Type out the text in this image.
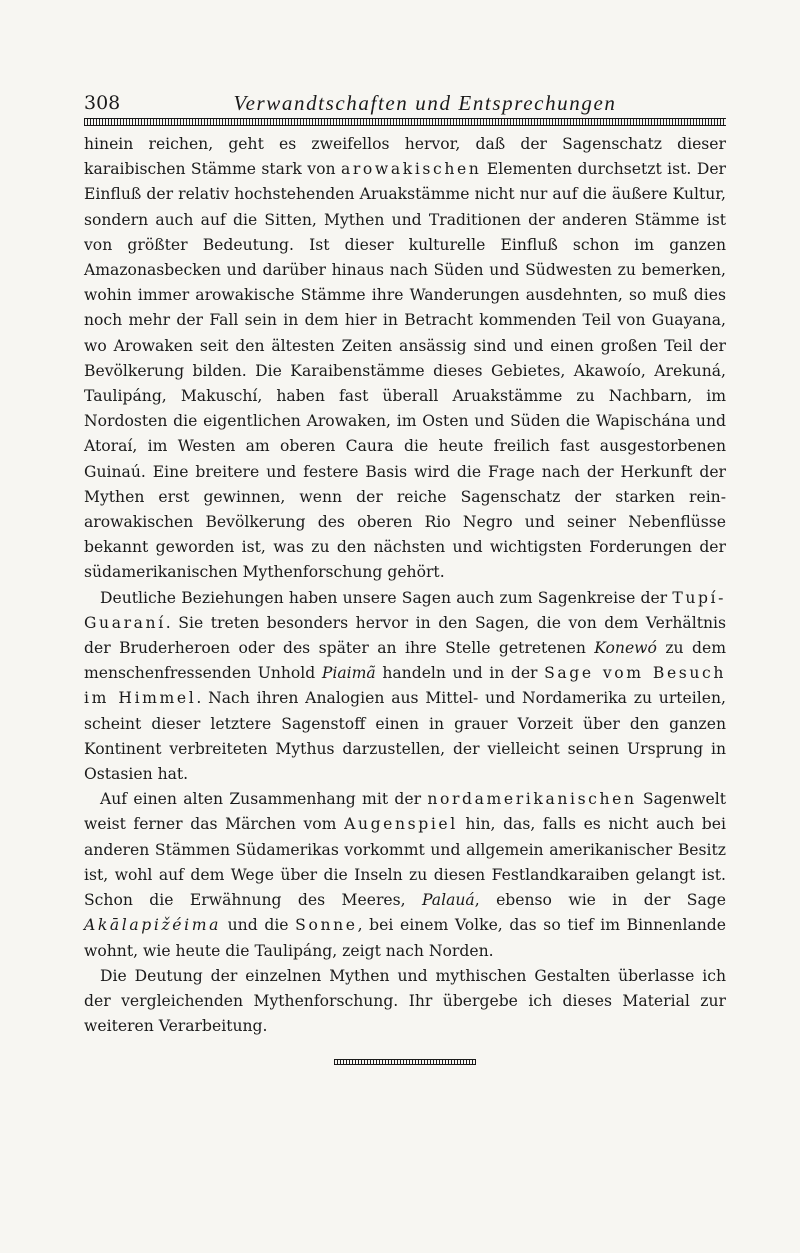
308	Verwandtschaften und Entsprechungen

hinein reichen, geht es zweifellos hervor, daß der Sagenschatz dieser karaibischen Stämme stark von arowakischen Elementen durchsetzt ist. Der Einfluß der relativ hochstehenden Aruakstämme nicht nur auf die äußere Kultur, sondern auch auf die Sitten, Mythen und Traditionen der anderen Stämme ist von größter Bedeutung. Ist dieser kulturelle Einfluß schon im ganzen Amazonasbecken und darüber hinaus nach Süden und Südwesten zu bemerken, wohin immer arowakische Stämme ihre Wanderungen ausdehnten, so muß dies noch mehr der Fall sein in dem hier in Betracht kommenden Teil von Guayana, wo Arowaken seit den ältesten Zeiten ansässig sind und einen großen Teil der Bevölkerung bilden. Die Karaibenstämme dieses Gebietes, Akawoío, Arekuná, Taulipáng, Makuschí, haben fast überall Aruakstämme zu Nachbarn, im Nordosten die eigentlichen Arowaken, im Osten und Süden die Wapischána und Atoraí, im Westen am oberen Caura die heute freilich fast ausgestorbenen Guinaú. Eine breitere und festere Basis wird die Frage nach der Herkunft der Mythen erst gewinnen, wenn der reiche Sagenschatz der starken rein-arowakischen Bevölkerung des oberen Rio Negro und seiner Nebenflüsse bekannt geworden ist, was zu den nächsten und wichtigsten Forderungen der südamerikanischen Mythenforschung gehört.

Deutliche Beziehungen haben unsere Sagen auch zum Sagenkreise der Tupí-Guaraní. Sie treten besonders hervor in den Sagen, die von dem Verhältnis der Bruderheroen oder des später an ihre Stelle getretenen Konewó zu dem menschenfressenden Unhold Piaimã handeln und in der Sage vom Besuch im Himmel. Nach ihren Analogien aus Mittel- und Nordamerika zu urteilen, scheint dieser letztere Sagenstoff einen in grauer Vorzeit über den ganzen Kontinent verbreiteten Mythus darzustellen, der vielleicht seinen Ursprung in Ostasien hat.

Auf einen alten Zusammenhang mit der nordamerikanischen Sagenwelt weist ferner das Märchen vom Augenspiel hin, das, falls es nicht auch bei anderen Stämmen Südamerikas vorkommt und allgemein amerikanischer Besitz ist, wohl auf dem Wege über die Inseln zu diesen Festlandkaraiben gelangt ist. Schon die Erwähnung des Meeres, Palauá, ebenso wie in der Sage Akālapižéima und die Sonne, bei einem Volke, das so tief im Binnenlande wohnt, wie heute die Taulipáng, zeigt nach Norden.

Die Deutung der einzelnen Mythen und mythischen Gestalten überlasse ich der vergleichenden Mythenforschung. Ihr übergebe ich dieses Material zur weiteren Verarbeitung.
